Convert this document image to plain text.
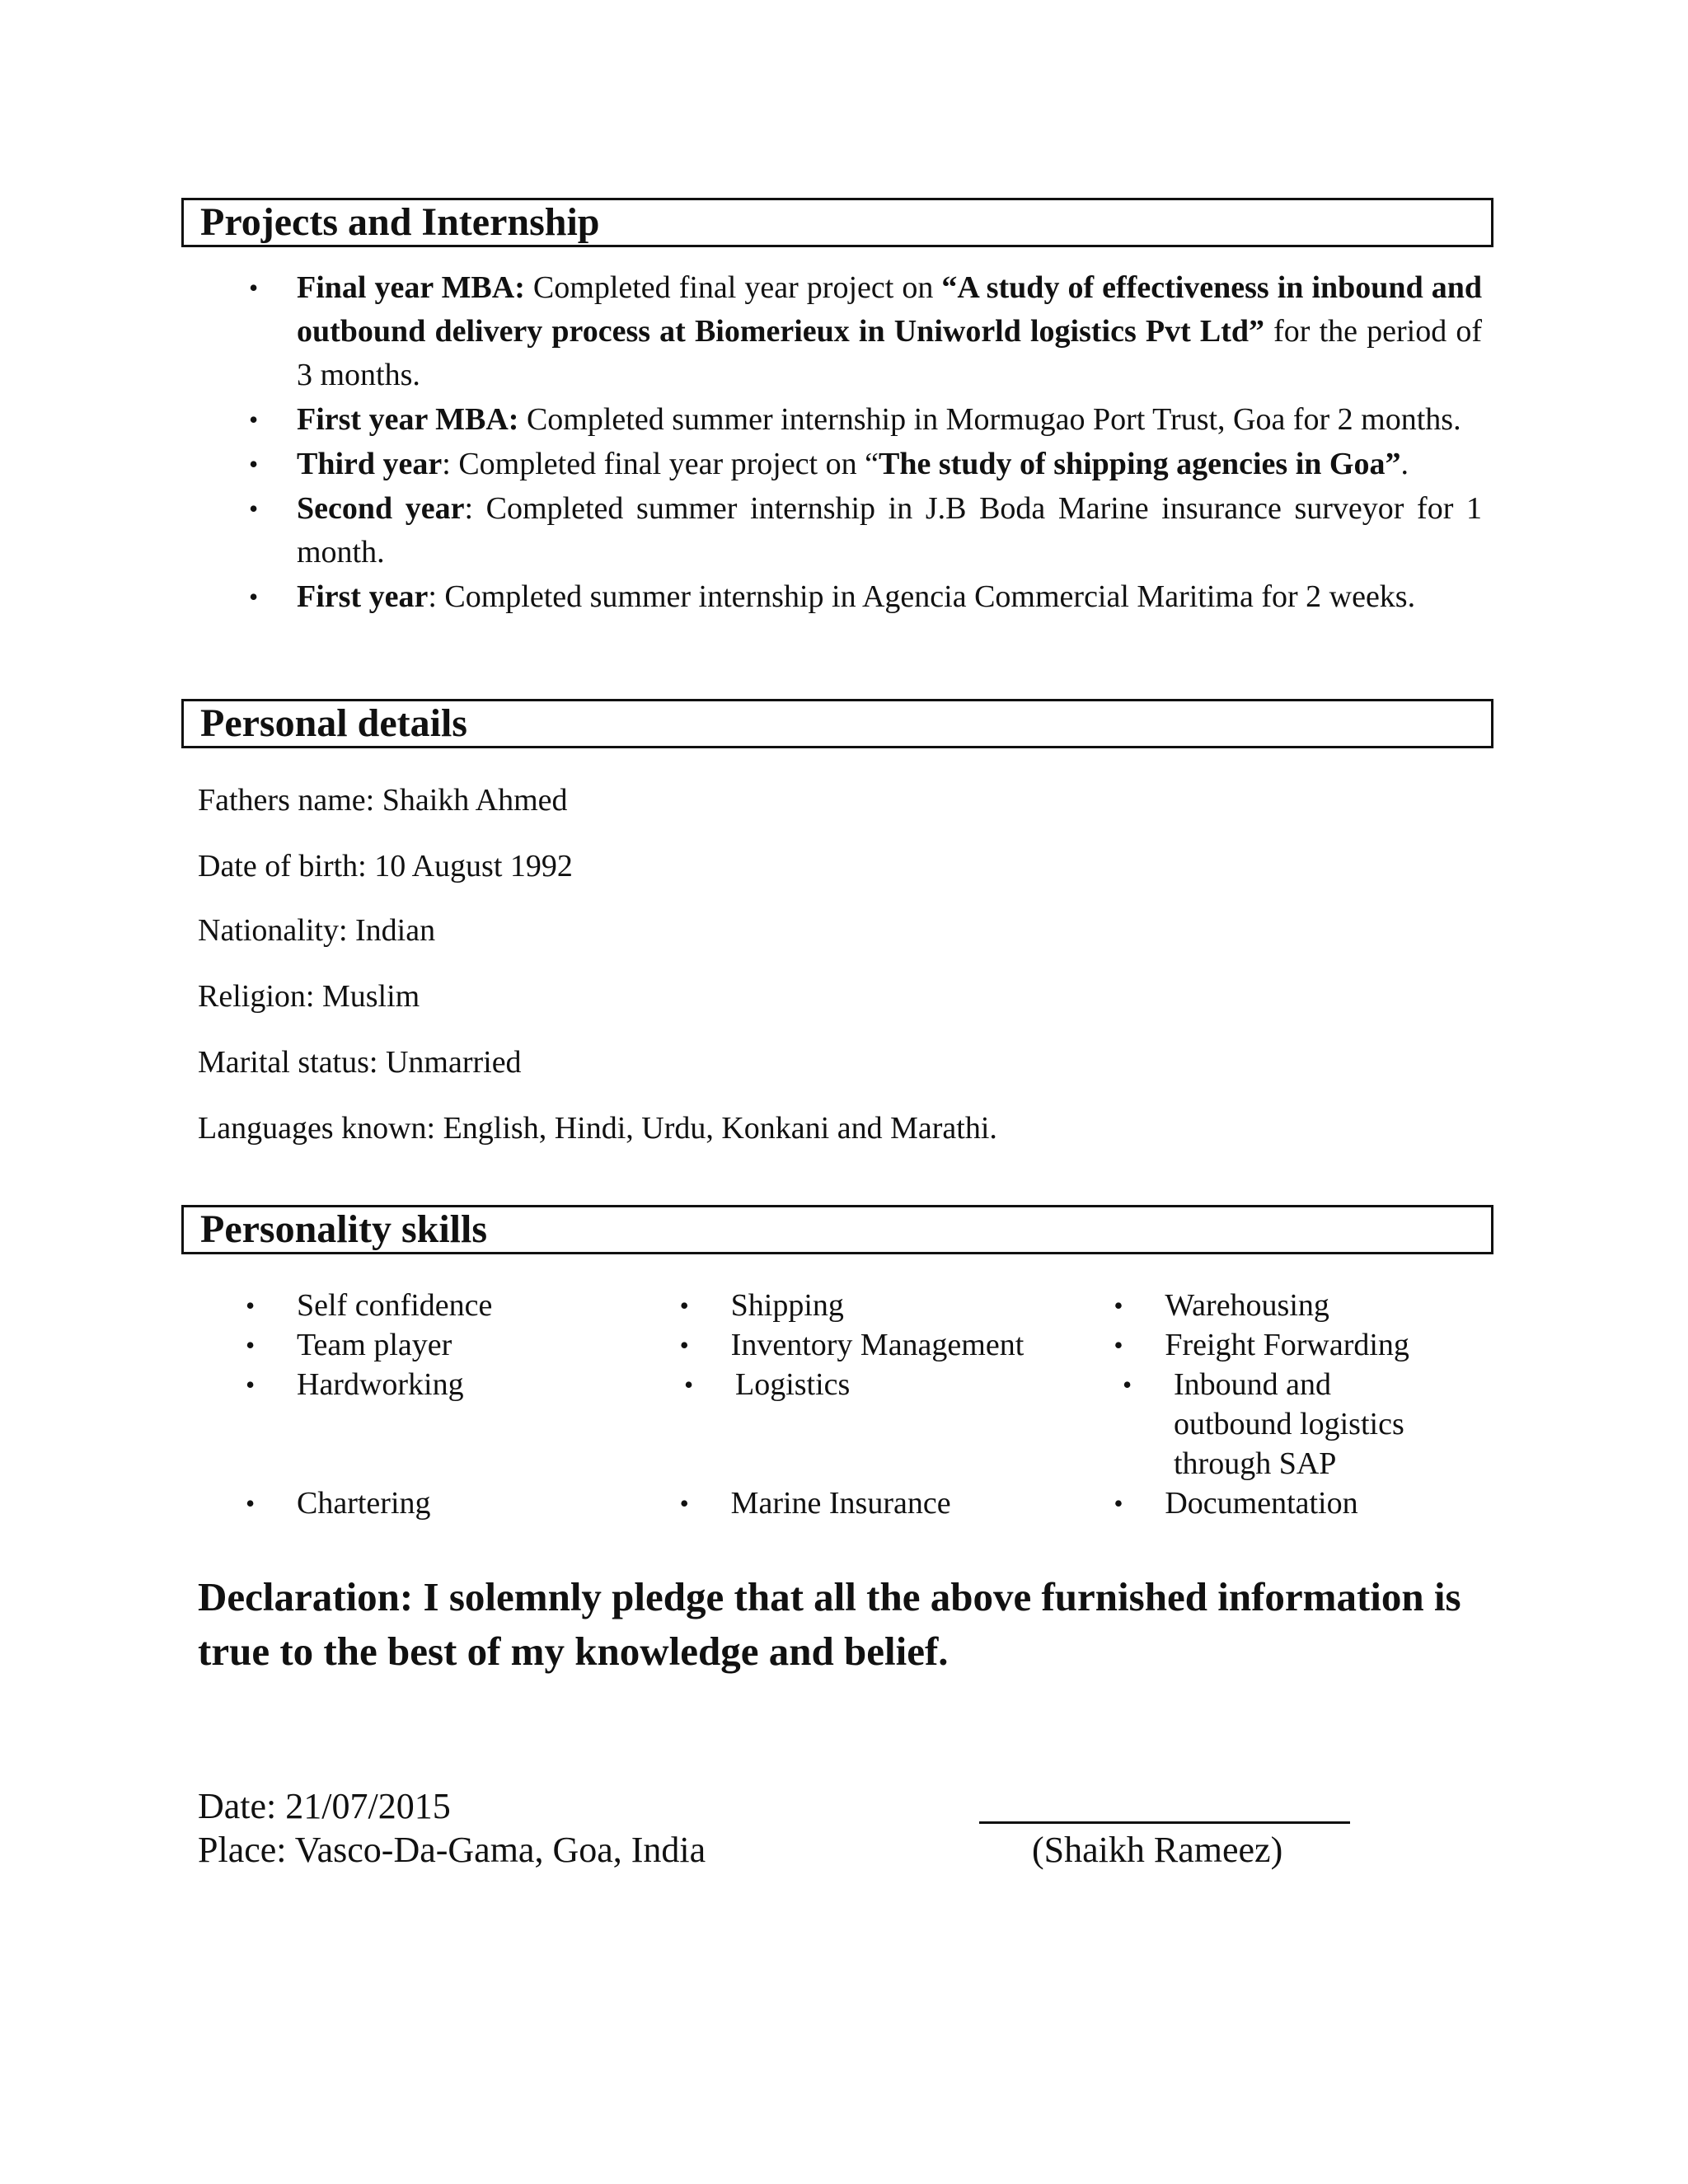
Projects and Internship
• Final year MBA: Completed final year project on “A study of effectiveness in inbound and outbound delivery process at Biomerieux in Uniworld logistics Pvt Ltd” for the period of 3 months.
• First year MBA: Completed summer internship in Mormugao Port Trust, Goa for 2 months.
• Third year: Completed final year project on “The study of shipping agencies in Goa”.
• Second year: Completed summer internship in J.B Boda Marine insurance surveyor for 1 month.
• First year: Completed summer internship in Agencia Commercial Maritima for 2 weeks.
Personal details
Fathers name: Shaikh Ahmed
Date of birth: 10 August 1992
Nationality: Indian
Religion: Muslim
Marital status: Unmarried
Languages known: English, Hindi, Urdu, Konkani and Marathi.
Personality skills
• Self confidence	• Shipping	• Warehousing
• Team player	• Inventory Management	• Freight Forwarding
• Hardworking	• Logistics	• Inbound and outbound logistics through SAP
• Chartering	• Marine Insurance	• Documentation
Declaration: I solemnly pledge that all the above furnished information is true to the best of my knowledge and belief.
Date: 21/07/2015
Place: Vasco-Da-Gama, Goa, India	(Shaikh Rameez)
